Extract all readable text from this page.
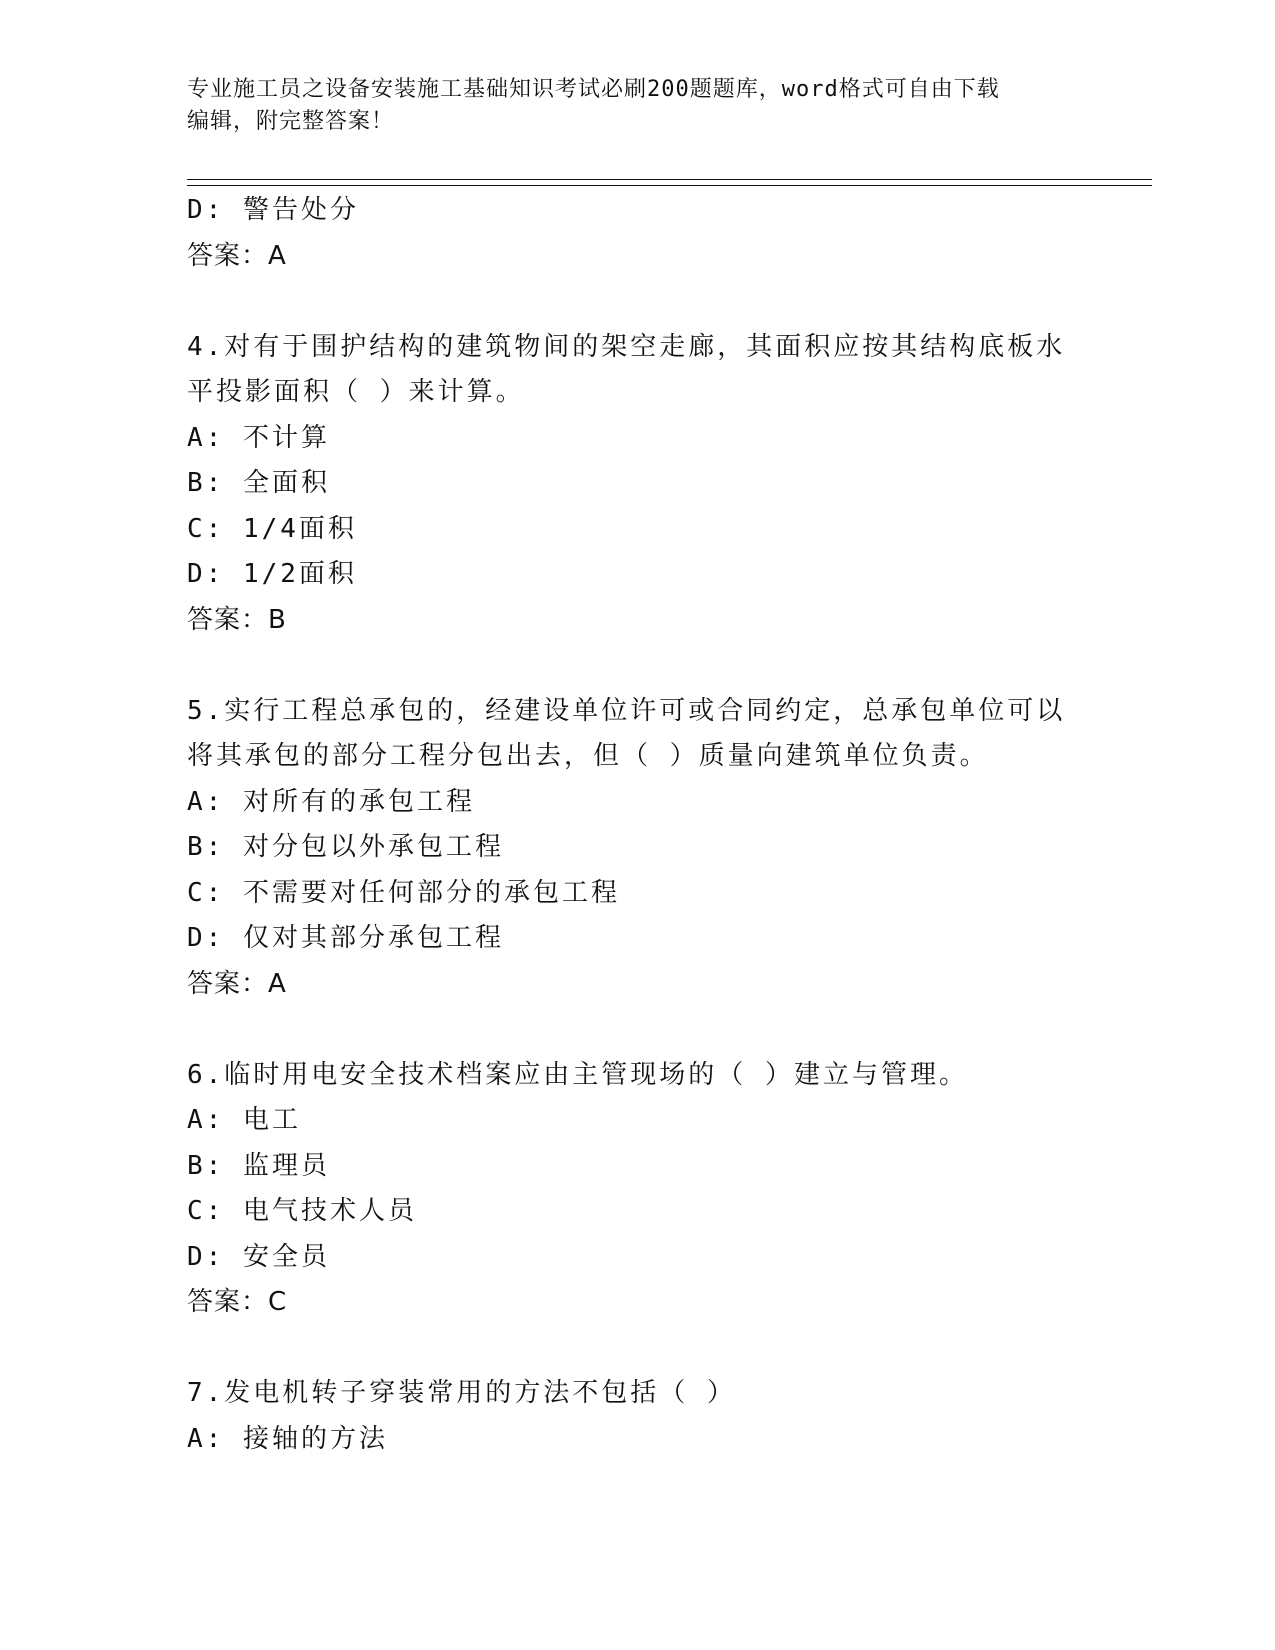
专业施工员之设备安装施工基础知识考试必刷200题题库，word格式可自由下载
编辑，附完整答案！
D: 警告处分
答案：A
4.对有于围护结构的建筑物间的架空走廊，其面积应按其结构底板水
平投影面积（ ）来计算。
A: 不计算
B: 全面积
C: 1/4面积
D: 1/2面积
答案：B
5.实行工程总承包的，经建设单位许可或合同约定，总承包单位可以
将其承包的部分工程分包出去，但（ ）质量向建筑单位负责。
A: 对所有的承包工程
B: 对分包以外承包工程
C: 不需要对任何部分的承包工程
D: 仅对其部分承包工程
答案：A
6.临时用电安全技术档案应由主管现场的（ ）建立与管理。
A: 电工
B: 监理员
C: 电气技术人员
D: 安全员
答案：C
7.发电机转子穿装常用的方法不包括（ ）
A: 接轴的方法
